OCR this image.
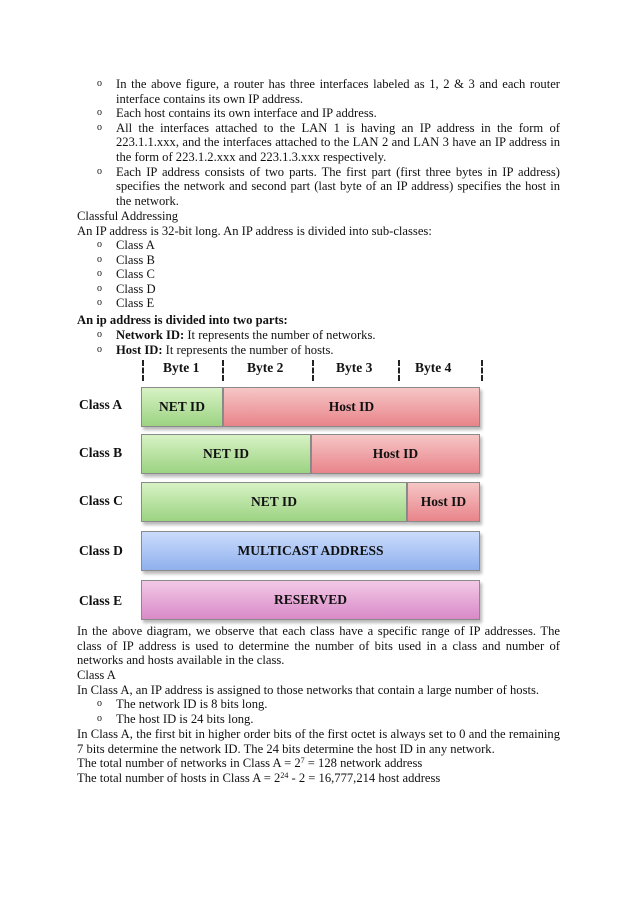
o In the above figure, a router has three interfaces labeled as 1, 2 & 3 and each router interface contains its own IP address.
o Each host contains its own interface and IP address.
o All the interfaces attached to the LAN 1 is having an IP address in the form of 223.1.1.xxx, and the interfaces attached to the LAN 2 and LAN 3 have an IP address in the form of 223.1.2.xxx and 223.1.3.xxx respectively.
o Each IP address consists of two parts. The first part (first three bytes in IP address) specifies the network and second part (last byte of an IP address) specifies the host in the network.
Classful Addressing
An IP address is 32-bit long. An IP address is divided into sub-classes:
o Class A
o Class B
o Class C
o Class D
o Class E
An ip address is divided into two parts:
o Network ID: It represents the number of networks.
o Host ID: It represents the number of hosts.
Byte 1	Byte 2	Byte 3	Byte 4
Class A	NET ID	Host ID
Class B	NET ID	Host ID
Class C	NET ID	Host ID
Class D	MULTICAST ADDRESS
Class E	RESERVED
In the above diagram, we observe that each class have a specific range of IP addresses. The class of IP address is used to determine the number of bits used in a class and number of networks and hosts available in the class.
Class A
In Class A, an IP address is assigned to those networks that contain a large number of hosts.
o The network ID is 8 bits long.
o The host ID is 24 bits long.
In Class A, the first bit in higher order bits of the first octet is always set to 0 and the remaining 7 bits determine the network ID. The 24 bits determine the host ID in any network.
The total number of networks in Class $A = 2^7 = 128$ network address
The total number of hosts in Class $A = 2^{24} - 2 = 16,777,214$ host address
